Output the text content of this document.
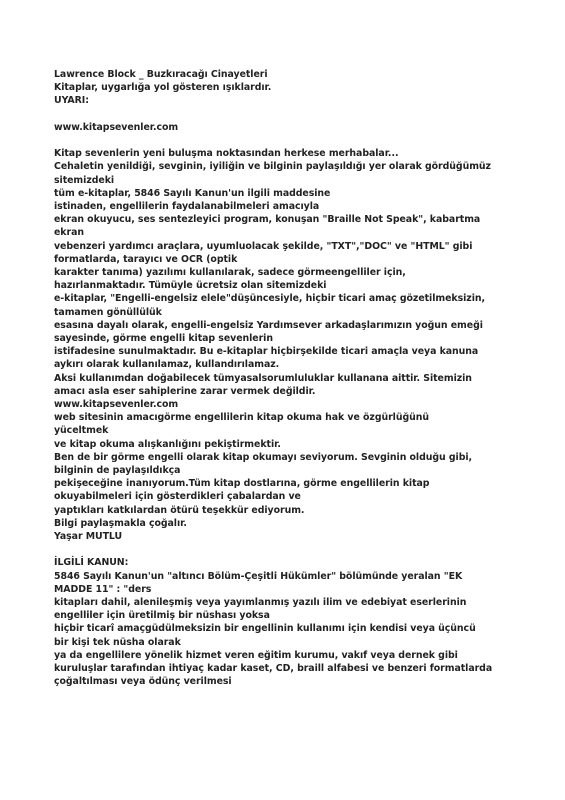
Lawrence Block _ Buzkıracağı Cinayetleri
Kitaplar, uygarlığa yol gösteren ışıklardır.
UYARI:
www.kitapsevenler.com
Kitap sevenlerin yeni buluşma noktasından herkese merhabalar...
Cehaletin yenildiği, sevginin, iyiliğin ve bilginin paylaşıldığı yer olarak gördüğümüz
sitemizdeki
tüm e-kitaplar, 5846 Sayılı Kanun'un ilgili maddesine
istinaden, engellilerin faydalanabilmeleri amacıyla
ekran okuyucu, ses sentezleyici program, konuşan "Braille Not Speak", kabartma
ekran
vebenzeri yardımcı araçlara, uyumluolacak şekilde, "TXT","DOC" ve "HTML" gibi
formatlarda, tarayıcı ve OCR (optik
karakter tanıma) yazılımı kullanılarak, sadece görmeengelliler için,
hazırlanmaktadır. Tümüyle ücretsiz olan sitemizdeki
e-kitaplar, "Engelli-engelsiz elele"düşüncesiyle, hiçbir ticari amaç gözetilmeksizin,
tamamen gönüllülük
esasına dayalı olarak, engelli-engelsiz Yardımsever arkadaşlarımızın yoğun emeği
sayesinde, görme engelli kitap sevenlerin
istifadesine sunulmaktadır. Bu e-kitaplar hiçbirşekilde ticari amaçla veya kanuna
aykırı olarak kullanılamaz, kullandırılamaz.
Aksi kullanımdan doğabilecek tümyasalsorumluluklar kullanana aittir. Sitemizin
amacı asla eser sahiplerine zarar vermek değildir.
www.kitapsevenler.com
web sitesinin amacıgörme engellilerin kitap okuma hak ve özgürlüğünü
yüceltmek
ve kitap okuma alışkanlığını pekiştirmektir.
Ben de bir görme engelli olarak kitap okumayı seviyorum. Sevginin olduğu gibi,
bilginin de paylaşıldıkça
pekişeceğine inanıyorum.Tüm kitap dostlarına, görme engellilerin kitap
okuyabilmeleri için gösterdikleri çabalardan ve
yaptıkları katkılardan ötürü teşekkür ediyorum.
Bilgi paylaşmakla çoğalır.
Yaşar MUTLU
İLGİLİ KANUN:
5846 Sayılı Kanun'un "altıncı Bölüm-Çeşitli Hükümler" bölümünde yeralan "EK
MADDE 11" : "ders
kitapları dahil, alenileşmiş veya yayımlanmış yazılı ilim ve edebiyat eserlerinin
engelliler için üretilmiş bir nüshası yoksa
hiçbir ticarî amaçgüdülmeksizin bir engellinin kullanımı için kendisi veya üçüncü
bir kişi tek nüsha olarak
ya da engellilere yönelik hizmet veren eğitim kurumu, vakıf veya dernek gibi
kuruluşlar tarafından ihtiyaç kadar kaset, CD, braill alfabesi ve benzeri formatlarda
çoğaltılması veya ödünç verilmesi
